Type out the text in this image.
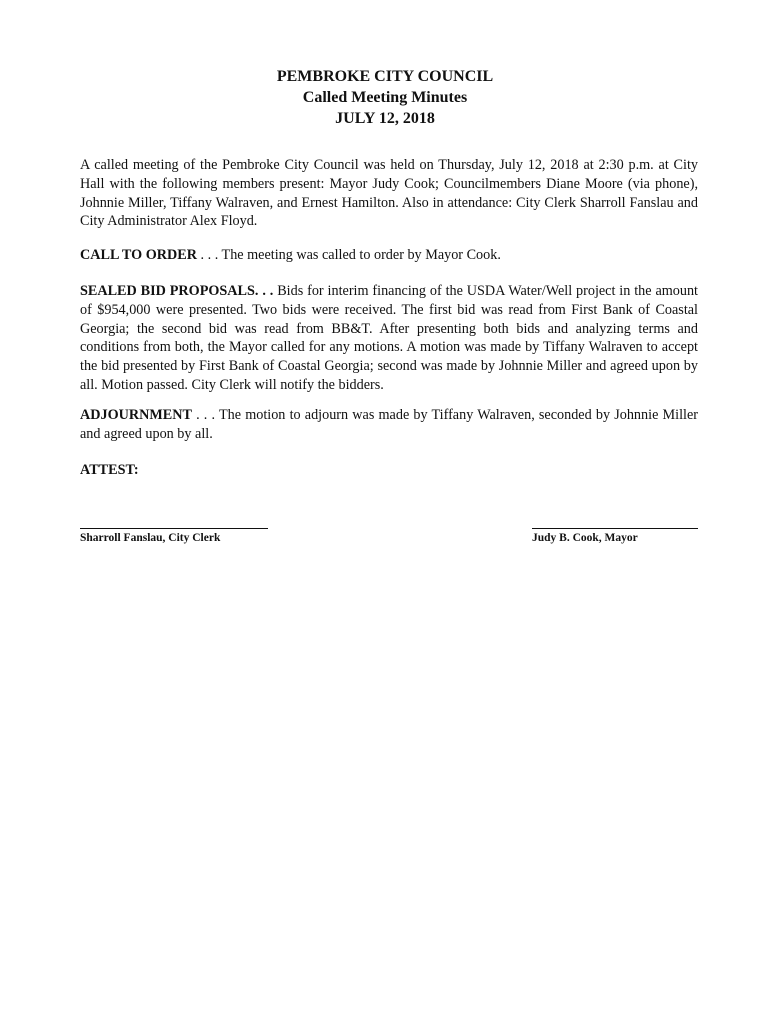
PEMBROKE CITY COUNCIL
Called Meeting Minutes
JULY 12, 2018
A called meeting of the Pembroke City Council was held on Thursday, July 12, 2018 at 2:30 p.m. at City Hall with the following members present: Mayor Judy Cook; Councilmembers Diane Moore (via phone), Johnnie Miller, Tiffany Walraven, and Ernest Hamilton. Also in attendance: City Clerk Sharroll Fanslau and City Administrator Alex Floyd.
CALL TO ORDER . . . The meeting was called to order by Mayor Cook.
SEALED BID PROPOSALS. . . Bids for interim financing of the USDA Water/Well project in the amount of $954,000 were presented. Two bids were received. The first bid was read from First Bank of Coastal Georgia; the second bid was read from BB&T. After presenting both bids and analyzing terms and conditions from both, the Mayor called for any motions. A motion was made by Tiffany Walraven to accept the bid presented by First Bank of Coastal Georgia; second was made by Johnnie Miller and agreed upon by all. Motion passed. City Clerk will notify the bidders.
ADJOURNMENT . . . The motion to adjourn was made by Tiffany Walraven, seconded by Johnnie Miller and agreed upon by all.
ATTEST:
Sharroll Fanslau, City Clerk	Judy B. Cook, Mayor
